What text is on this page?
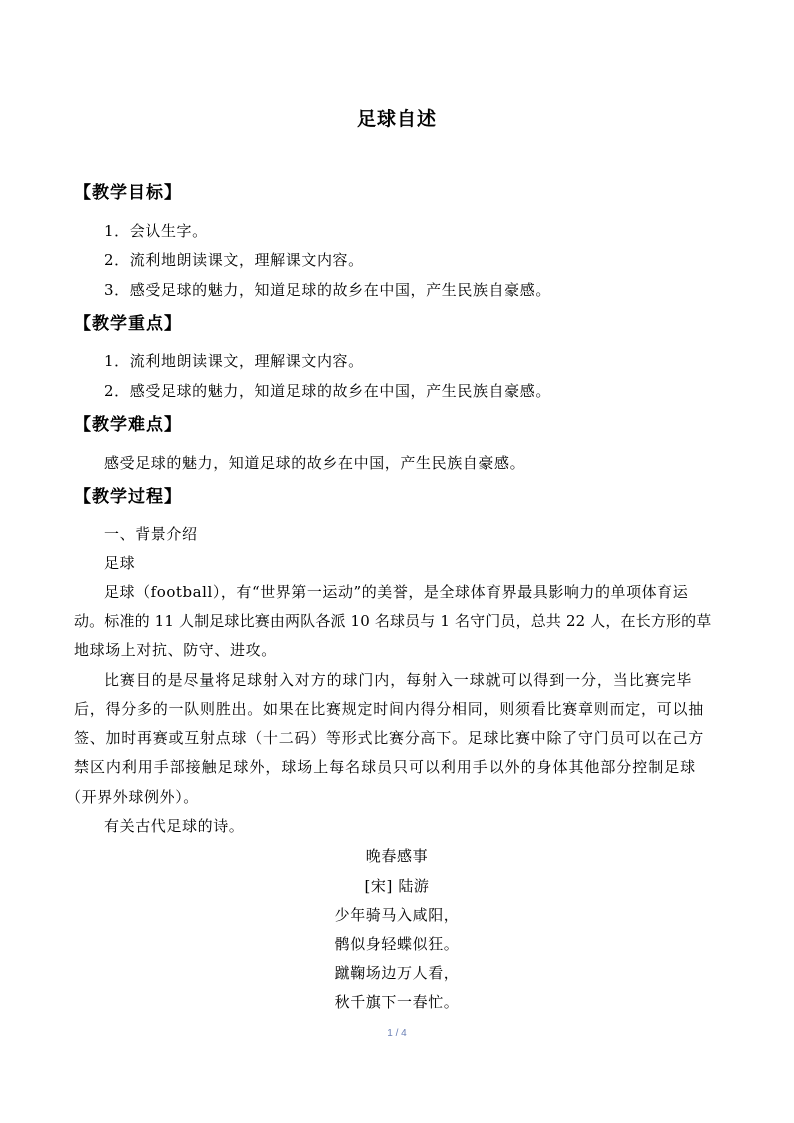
足球自述
【教学目标】
1．会认生字。
2．流利地朗读课文，理解课文内容。
3．感受足球的魅力，知道足球的故乡在中国，产生民族自豪感。
【教学重点】
1．流利地朗读课文，理解课文内容。
2．感受足球的魅力，知道足球的故乡在中国，产生民族自豪感。
【教学难点】
感受足球的魅力，知道足球的故乡在中国，产生民族自豪感。
【教学过程】
一、背景介绍
足球
足球（football），有“世界第一运动”的美誉，是全球体育界最具影响力的单项体育运
动。标准的 11 人制足球比赛由两队各派 10 名球员与 1 名守门员，总共 22 人，在长方形的草
地球场上对抗、防守、进攻。
比赛目的是尽量将足球射入对方的球门内，每射入一球就可以得到一分，当比赛完毕
后，得分多的一队则胜出。如果在比赛规定时间内得分相同，则须看比赛章则而定，可以抽
签、加时再赛或互射点球（十二码）等形式比赛分高下。足球比赛中除了守门员可以在己方
禁区内利用手部接触足球外，球场上每名球员只可以利用手以外的身体其他部分控制足球
（开界外球例外）。
有关古代足球的诗。
晚春感事
[宋] 陆游
少年骑马入咸阳，
鹘似身轻蝶似狂。
蹴鞠场边万人看，
秋千旗下一春忙。
1 / 4
